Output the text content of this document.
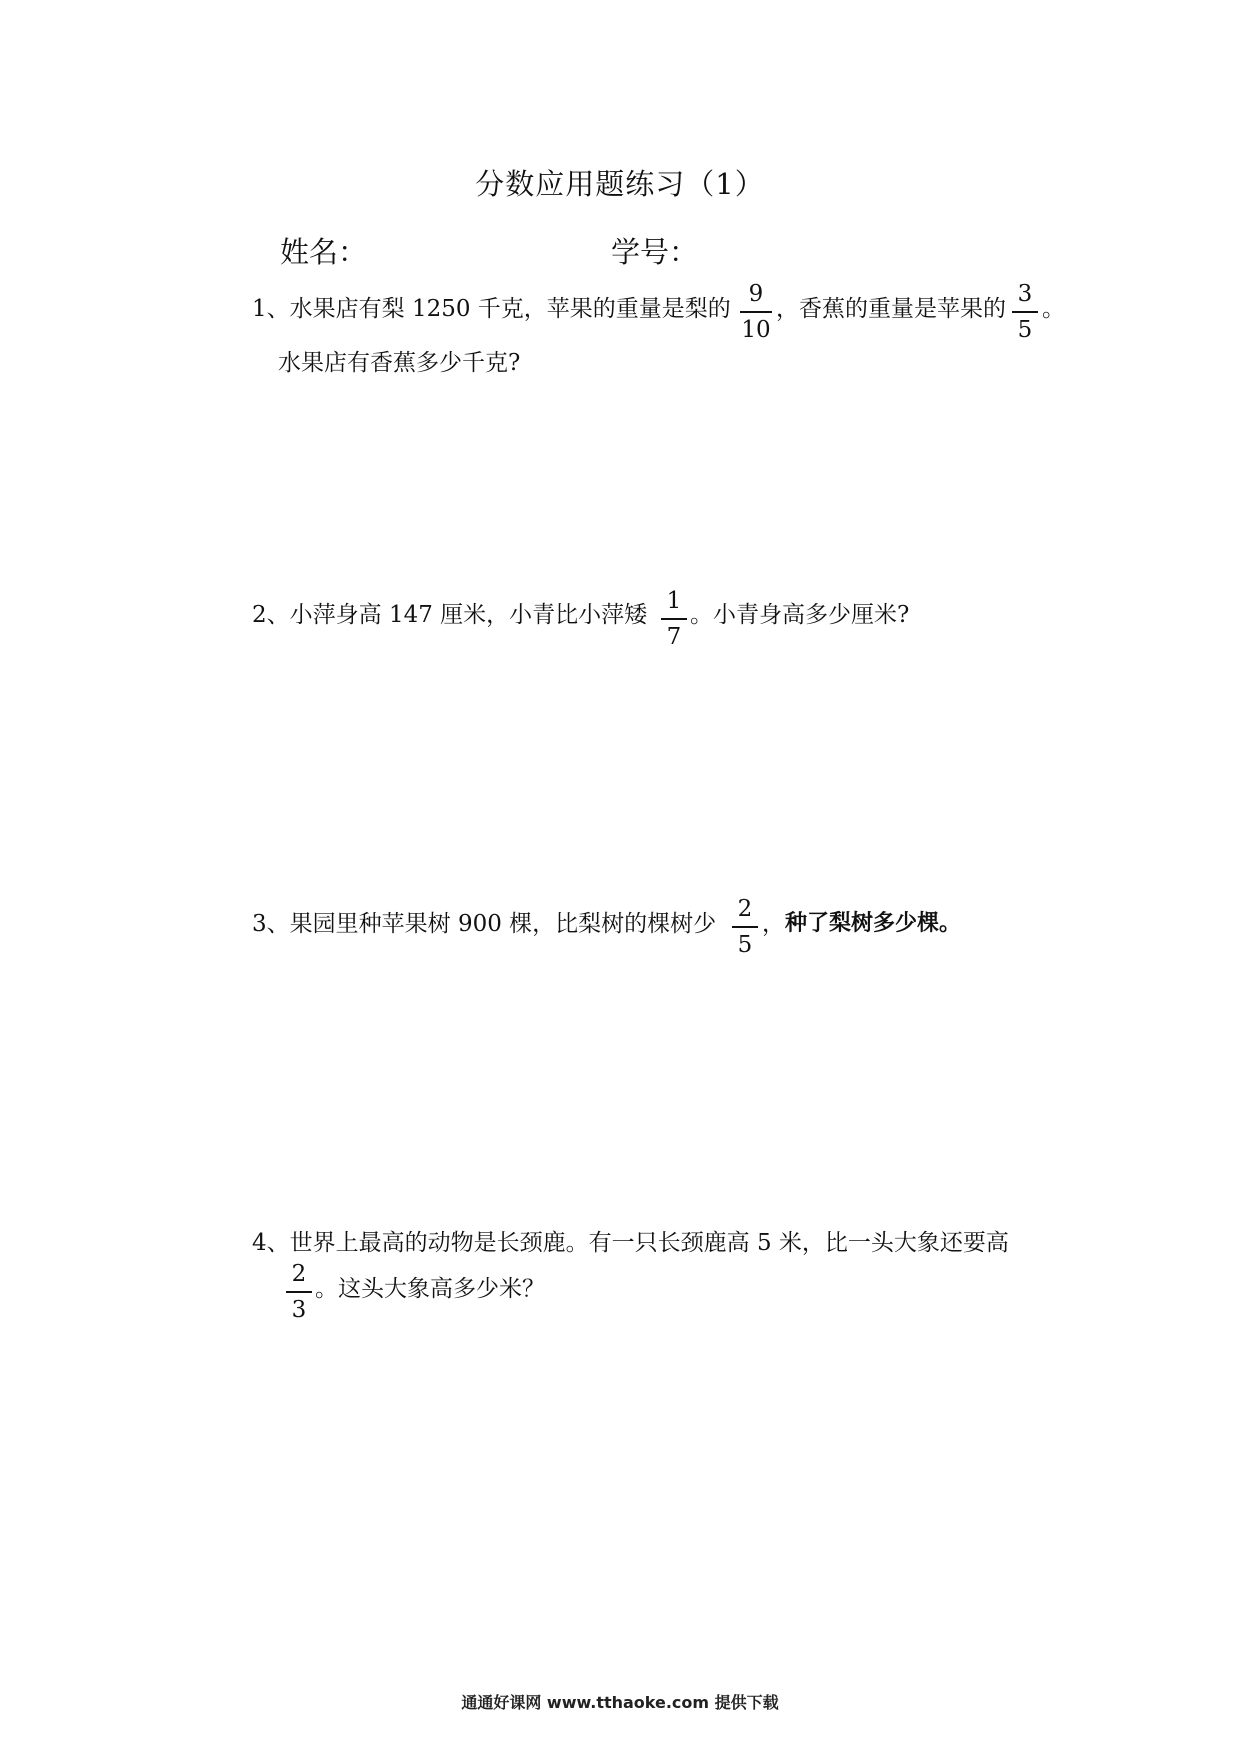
分数应用题练习（1）
姓名：	学号：
1、水果店有梨 1250 千克，苹果的重量是梨的
9
10
，香蕉的重量是苹果的
3
5
。
水果店有香蕉多少千克?
2、小萍身高 147 厘米，小青比小萍矮
1
7
。小青身高多少厘米?
3、果园里种苹果树 900 棵，比梨树的棵树少
2
5
， 种了梨树多少棵。
4、世界上最高的动物是长颈鹿。有一只长颈鹿高 5 米，比一头大象还要高
2
3
。这头大象高多少米？
通通好课网 www.tthaoke.com 提供下载
